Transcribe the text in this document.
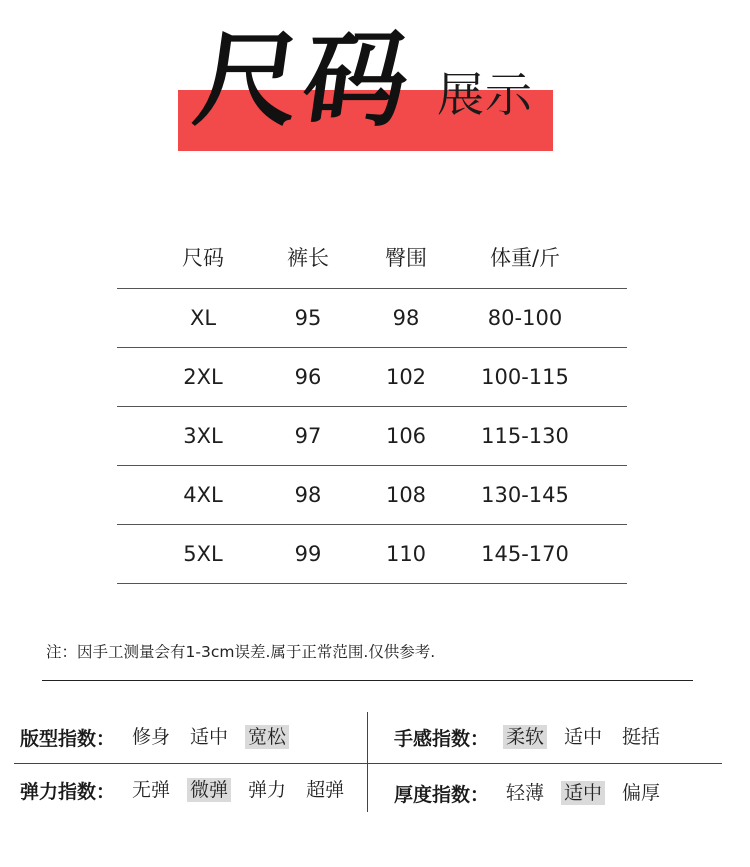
尺码 展示
尺码	裤长	臀围	体重/斤
XL	95	98	80-100
2XL	96	102	100-115
3XL	97	106	115-130
4XL	98	108	130-145
5XL	99	110	145-170
注：因手工测量会有1-3cm误差.属于正常范围.仅供参考.
版型指数： 修身 适中 宽松
弹力指数： 无弹 微弹 弹力 超弹
手感指数： 柔软 适中 挺括
厚度指数： 轻薄 适中 偏厚
